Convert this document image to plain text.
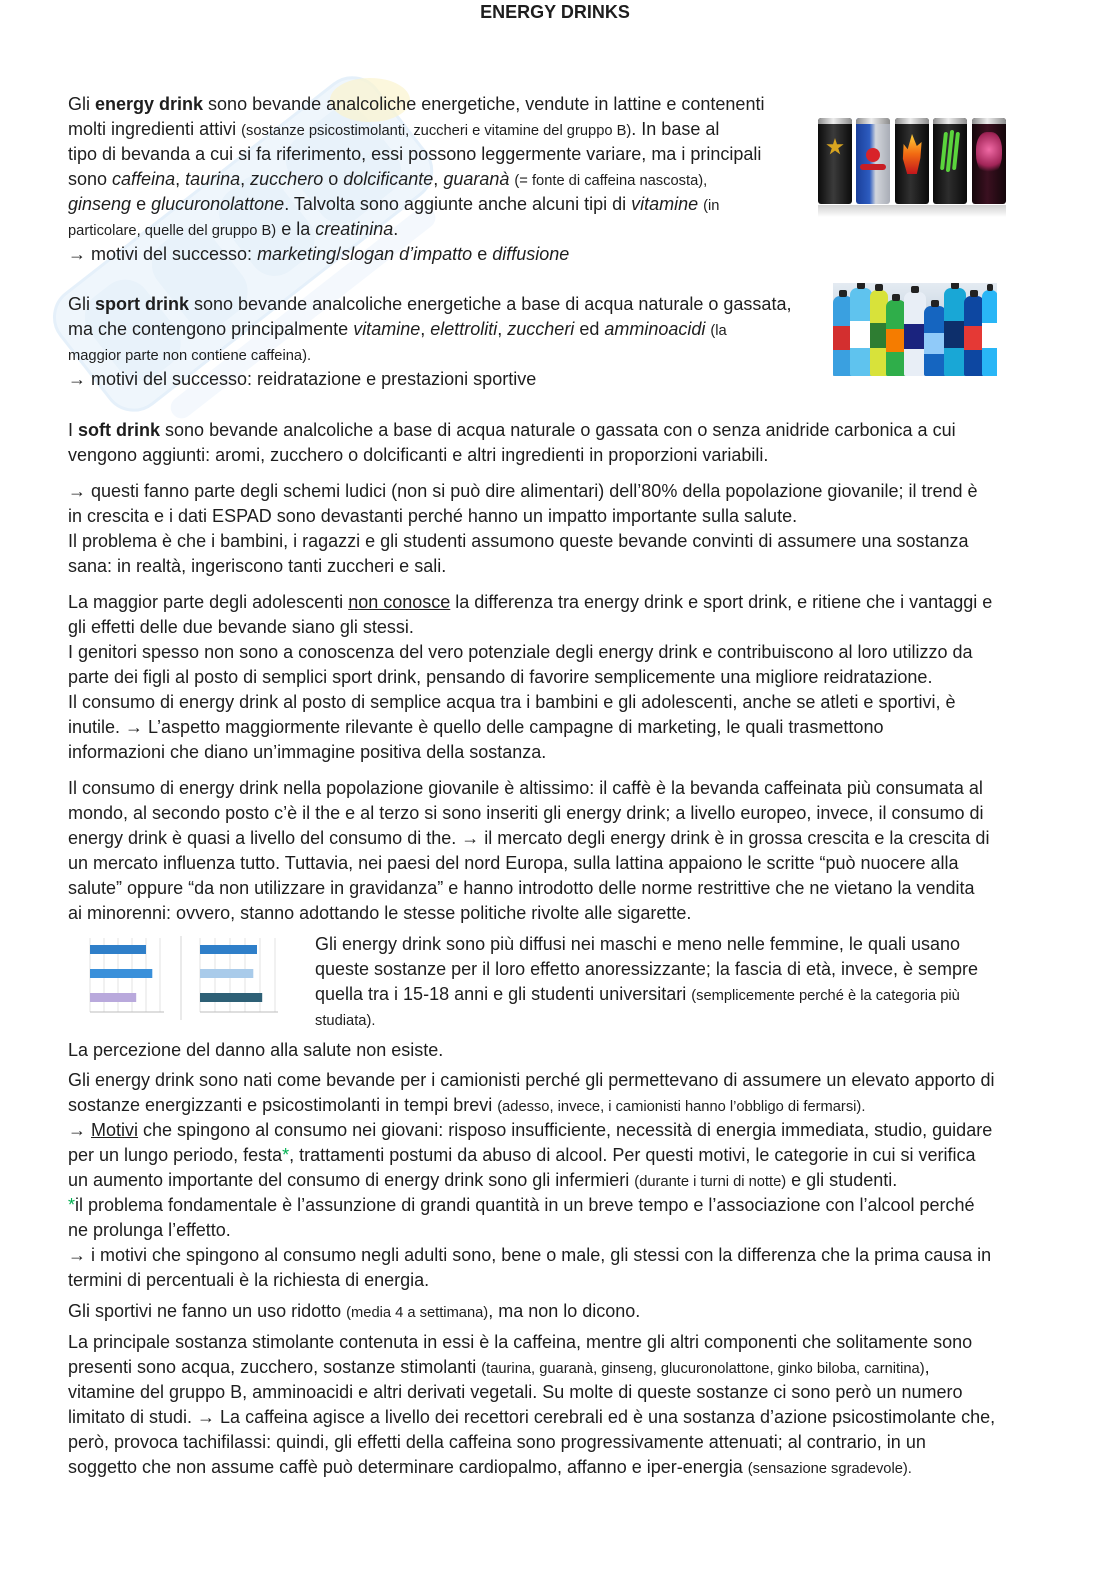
ENERGY DRINKS
Gli energy drink sono bevande analcoliche energetiche, vendute in lattine e contenenti
molti ingredienti attivi (sostanze psicostimolanti, zuccheri e vitamine del gruppo B). In base al
tipo di bevanda a cui si fa riferimento, essi possono leggermente variare, ma i principali
sono caffeina, taurina, zucchero o dolcificante, guaranà (= fonte di caffeina nascosta),
ginseng e glucuronolattone. Talvolta sono aggiunte anche alcuni tipi di vitamine (in
particolare, quelle del gruppo B) e la creatinina.
→ motivi del successo: marketing/slogan d’impatto e diffusione
Gli sport drink sono bevande analcoliche energetiche a base di acqua naturale o gassata,
ma che contengono principalmente vitamine, elettroliti, zuccheri ed amminoacidi (la
maggior parte non contiene caffeina).
→ motivi del successo: reidratazione e prestazioni sportive
I soft drink sono bevande analcoliche a base di acqua naturale o gassata con o senza anidride carbonica a cui
vengono aggiunti: aromi, zucchero o dolcificanti e altri ingredienti in proporzioni variabili.
→ questi fanno parte degli schemi ludici (non si può dire alimentari) dell’80% della popolazione giovanile; il trend è
in crescita e i dati ESPAD sono devastanti perché hanno un impatto importante sulla salute.
Il problema è che i bambini, i ragazzi e gli studenti assumono queste bevande convinti di assumere una sostanza
sana: in realtà, ingeriscono tanti zuccheri e sali.
La maggior parte degli adolescenti non conosce la differenza tra energy drink e sport drink, e ritiene che i vantaggi e
gli effetti delle due bevande siano gli stessi.
I genitori spesso non sono a conoscenza del vero potenziale degli energy drink e contribuiscono al loro utilizzo da
parte dei figli al posto di semplici sport drink, pensando di favorire semplicemente una migliore reidratazione.
Il consumo di energy drink al posto di semplice acqua tra i bambini e gli adolescenti, anche se atleti e sportivi, è
inutile. → L’aspetto maggiormente rilevante è quello delle campagne di marketing, le quali trasmettono
informazioni che diano un’immagine positiva della sostanza.
Il consumo di energy drink nella popolazione giovanile è altissimo: il caffè è la bevanda caffeinata più consumata al
mondo, al secondo posto c’è il the e al terzo si sono inseriti gli energy drink; a livello europeo, invece, il consumo di
energy drink è quasi a livello del consumo di the. → il mercato degli energy drink è in grossa crescita e la crescita di
un mercato influenza tutto. Tuttavia, nei paesi del nord Europa, sulla lattina appaiono le scritte “può nuocere alla
salute” oppure “da non utilizzare in gravidanza” e hanno introdotto delle norme restrittive che ne vietano la vendita
ai minorenni: ovvero, stanno adottando le stesse politiche rivolte alle sigarette.
Gli energy drink sono più diffusi nei maschi e meno nelle femmine, le quali usano
queste sostanze per il loro effetto anoressizzante; la fascia di età, invece, è sempre
quella tra i 15-18 anni e gli studenti universitari (semplicemente perché è la categoria più
studiata).
La percezione del danno alla salute non esiste.
Gli energy drink sono nati come bevande per i camionisti perché gli permettevano di assumere un elevato apporto di
sostanze energizzanti e psicostimolanti in tempi brevi (adesso, invece, i camionisti hanno l’obbligo di fermarsi).
→ Motivi che spingono al consumo nei giovani: risposo insufficiente, necessità di energia immediata, studio, guidare
per un lungo periodo, festa*, trattamenti postumi da abuso di alcool. Per questi motivi, le categorie in cui si verifica
un aumento importante del consumo di energy drink sono gli infermieri (durante i turni di notte) e gli studenti.
*il problema fondamentale è l’assunzione di grandi quantità in un breve tempo e l’associazione con l’alcool perché
ne prolunga l’effetto.
→ i motivi che spingono al consumo negli adulti sono, bene o male, gli stessi con la differenza che la prima causa in
termini di percentuali è la richiesta di energia.
Gli sportivi ne fanno un uso ridotto (media 4 a settimana), ma non lo dicono.
La principale sostanza stimolante contenuta in essi è la caffeina, mentre gli altri componenti che solitamente sono
presenti sono acqua, zucchero, sostanze stimolanti (taurina, guaranà, ginseng, glucuronolattone, ginko biloba, carnitina),
vitamine del gruppo B, amminoacidi e altri derivati vegetali. Su molte di queste sostanze ci sono però un numero
limitato di studi. → La caffeina agisce a livello dei recettori cerebrali ed è una sostanza d’azione psicostimolante che,
però, provoca tachifilassi: quindi, gli effetti della caffeina sono progressivamente attenuati; al contrario, in un
soggetto che non assume caffè può determinare cardiopalmo, affanno e iper-energia (sensazione sgradevole).
